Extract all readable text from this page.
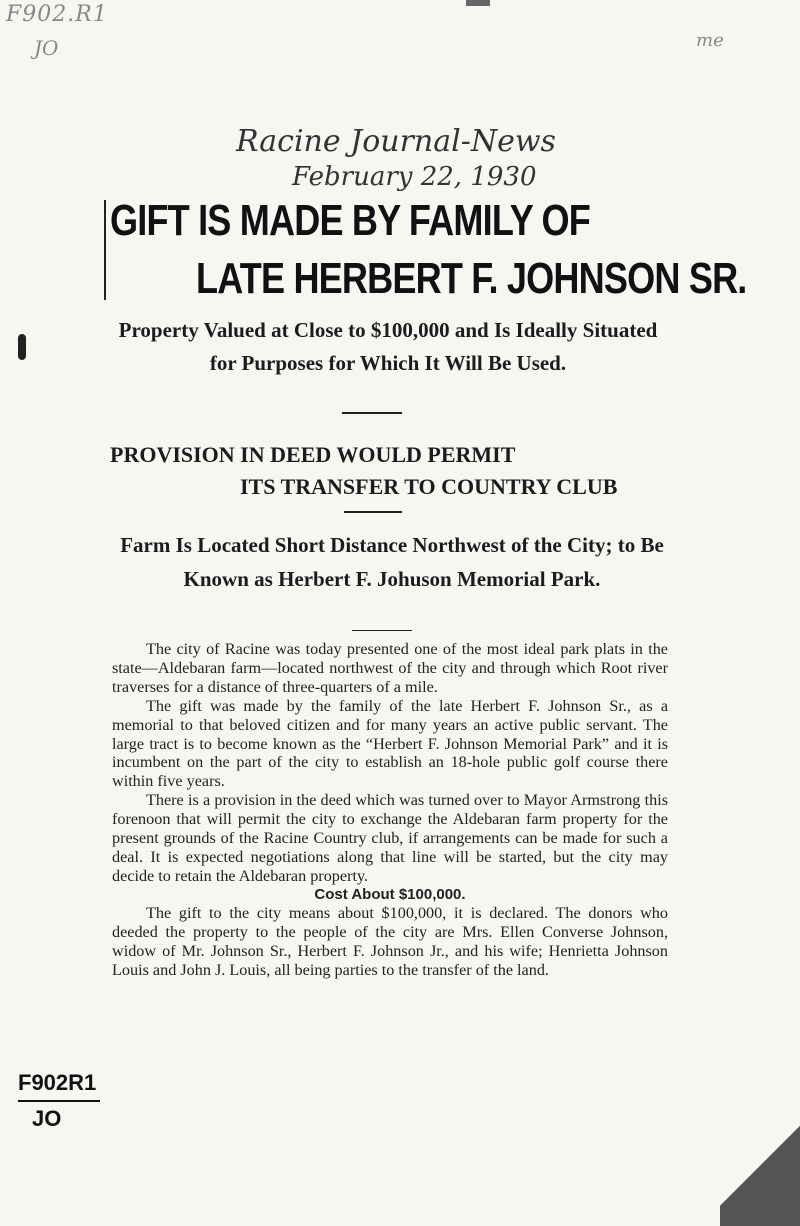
F902.R1
JO	me
Racine Journal-News
February 22, 1930
GIFT IS MADE BY FAMILY OF
LATE HERBERT F. JOHNSON SR.
Property Valued at Close to $100,000 and Is Ideally Situated for Purposes for Which It Will Be Used.
PROVISION IN DEED WOULD PERMIT
ITS TRANSFER TO COUNTRY CLUB
Farm Is Located Short Distance Northwest of the City; to Be Known as Herbert F. Johuson Memorial Park.

The city of Racine was today presented one of the most ideal park plats in the state—Aldebaran farm—located northwest of the city and through which Root river traverses for a distance of three-quarters of a mile.

The gift was made by the family of the late Herbert F. Johnson Sr., as a memorial to that beloved citizen and for many years an active public servant. The large tract is to become known as the “Herbert F. Johnson Memorial Park” and it is incumbent on the part of the city to establish an 18-hole public golf course there within five years.

There is a provision in the deed which was turned over to Mayor Armstrong this forenoon that will permit the city to exchange the Aldebaran farm property for the present grounds of the Racine Country club, if arrangements can be made for such a deal. It is expected negotiations along that line will be started, but the city may decide to retain the Aldebaran property.

Cost About $100,000.

The gift to the city means about $100,000, it is declared. The donors who deeded the property to the people of the city are Mrs. Ellen Converse Johnson, widow of Mr. Johnson Sr., Herbert F. Johnson Jr., and his wife; Henrietta Johnson Louis and John J. Louis, all being parties to the transfer of the land.

F902R1
JO
